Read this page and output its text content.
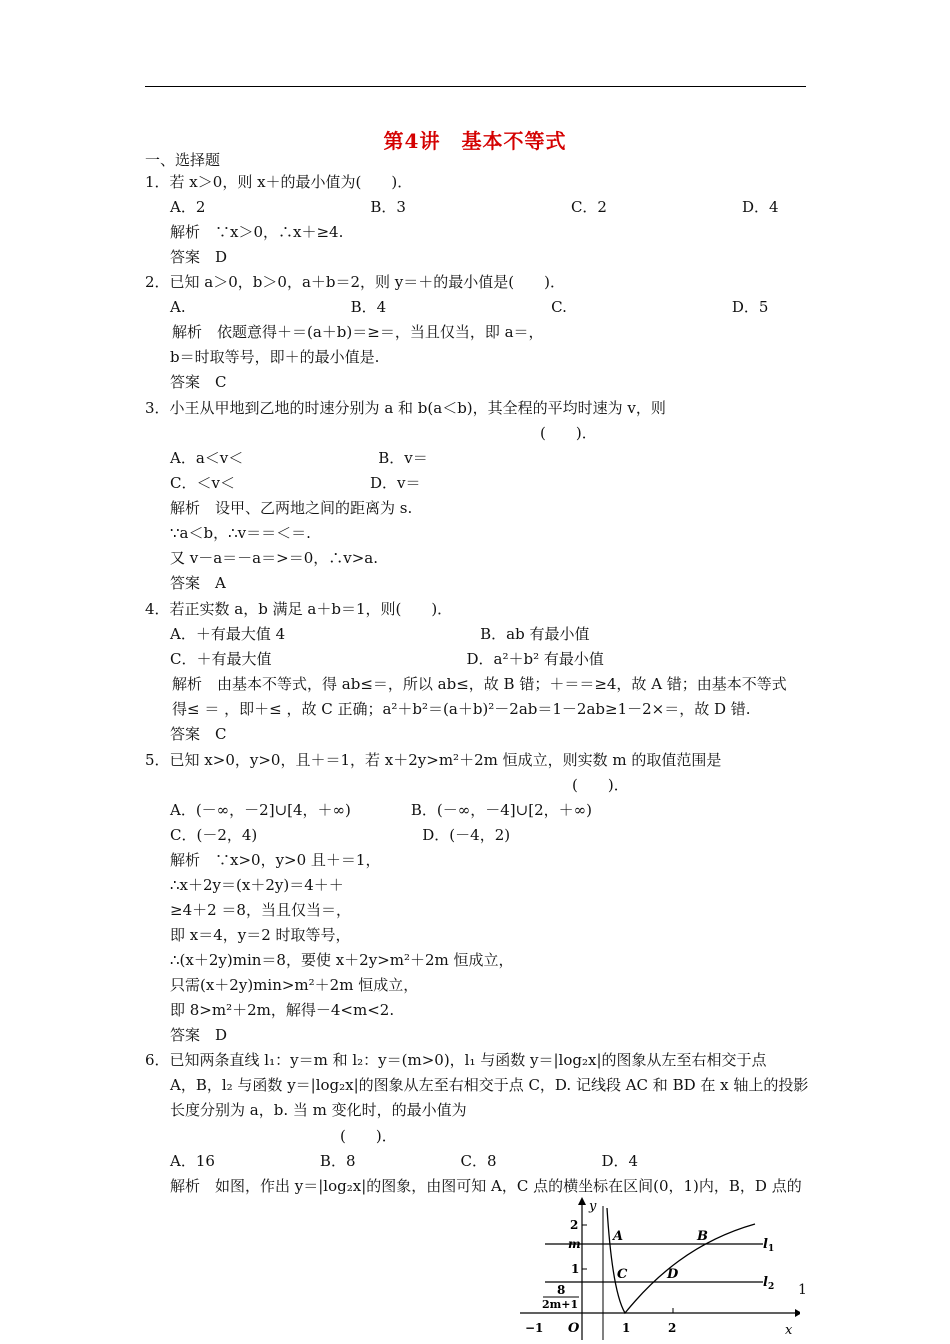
第4讲　基本不等式
一、选择题
1．若 x＞0，则 x＋的最小值为(　　)．
A．2　　　　　　　　　　　B．3　　　　　　　　　　　C．2　　　　　　　　　D．4
解析　∵x＞0，∴x＋≥4.
答案　D
2．已知 a＞0，b＞0，a＋b＝2，则 y＝＋的最小值是(　　)．
A.　　　　　　　　　　　B．4　　　　　　　　　　　C.　　　　　　　　　　　D．5
解析　依题意得＋＝(a＋b)＝≥＝，当且仅当，即 a＝，
b＝时取等号，即＋的最小值是.
答案　C
3．小王从甲地到乙地的时速分别为 a 和 b(a＜b)，其全程的平均时速为 v，则
(　　)．
A．a＜v＜　　　　　　　　　B．v＝
C．＜v＜　　　　　　　　　D．v＝
解析　设甲、乙两地之间的距离为 s.
∵a＜b，∴v＝＝＜＝.
又 v－a＝－a＝>＝0，∴v>a.
答案　A
4．若正实数 a，b 满足 a＋b＝1，则(　　)．
A．＋有最大值 4　　　　　　　　　　　　　B．ab 有最小值
C．＋有最大值　　　　　　　　　　　　　D．a²＋b² 有最小值
解析　由基本不等式，得 ab≤＝，所以 ab≤，故 B 错；＋＝＝≥4，故 A 错；由基本不等式
得≤ ＝ ，即＋≤ ，故 C 正确；a²＋b²＝(a＋b)²－2ab＝1－2ab≥1－2×＝，故 D 错.
答案　C
5．已知 x>0，y>0，且＋＝1，若 x＋2y>m²＋2m 恒成立，则实数 m 的取值范围是
(　　)．
A．(－∞，－2]∪[4，＋∞)　　　　B．(－∞，－4]∪[2，＋∞)
C．(－2，4)　　　　　　　　　　　D．(－4，2)
解析　∵x>0，y>0 且＋＝1，
∴x＋2y＝(x＋2y)＝4＋＋
≥4＋2 ＝8，当且仅当＝，
即 x＝4，y＝2 时取等号，
∴(x＋2y)min＝8，要使 x＋2y>m²＋2m 恒成立，
只需(x＋2y)min>m²＋2m 恒成立，
即 8>m²＋2m，解得－4<m<2.
答案　D
6．已知两条直线 l₁：y＝m 和 l₂：y＝(m>0)，l₁ 与函数 y＝|log₂x|的图象从左至右相交于点
A，B，l₂ 与函数 y＝|log₂x|的图象从左至右相交于点 C，D. 记线段 AC 和 BD 在 x 轴上的投影
长度分别为 a，b. 当 m 变化时，的最小值为
(　　)．
A．16　　　　　　　B．8　　　　　　　C．8　　　　　　　D．4
解析　如图，作出 y＝|log₂x|的图象，由图可知 A，C 点的横坐标在区间(0，1)内，B，D 点的
y
x
O
2
m
1
8
2m+1
−1	1	2
A	B
C	D
$l_1$
$l_2$ 1
